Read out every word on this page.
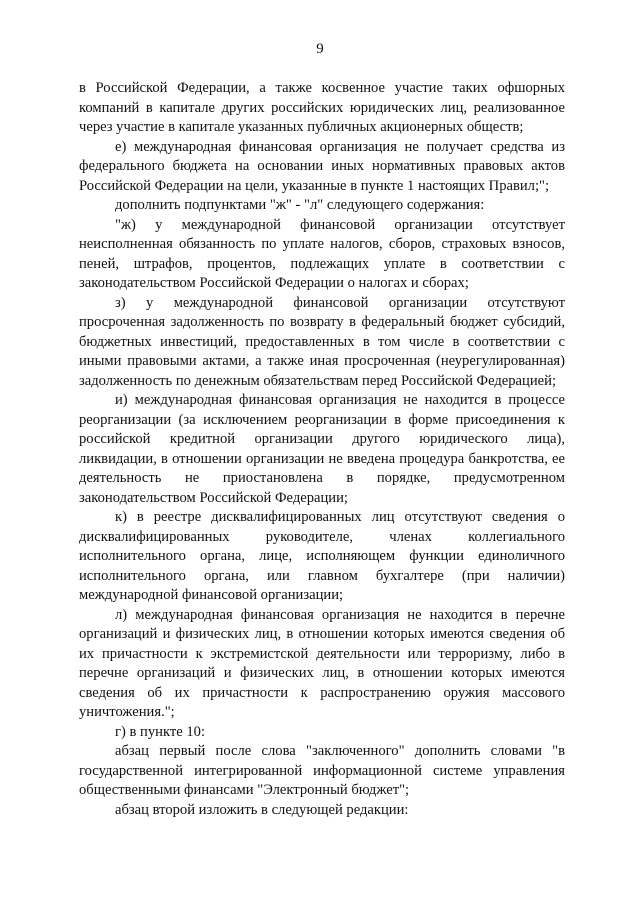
9

в Российской Федерации, а также косвенное участие таких офшорных компаний в капитале других российских юридических лиц, реализованное через участие в капитале указанных публичных акционерных обществ;

е) международная финансовая организация не получает средства из федерального бюджета на основании иных нормативных правовых актов Российской Федерации на цели, указанные в пункте 1 настоящих Правил;";

дополнить подпунктами "ж" - "л" следующего содержания:

"ж) у международной финансовой организации отсутствует неисполненная обязанность по уплате налогов, сборов, страховых взносов, пеней, штрафов, процентов, подлежащих уплате в соответствии с законодательством Российской Федерации о налогах и сборах;

з) у международной финансовой организации отсутствуют просроченная задолженность по возврату в федеральный бюджет субсидий, бюджетных инвестиций, предоставленных в том числе в соответствии с иными правовыми актами, а также иная просроченная (неурегулированная) задолженность по денежным обязательствам перед Российской Федерацией;

и) международная финансовая организация не находится в процессе реорганизации (за исключением реорганизации в форме присоединения к российской кредитной организации другого юридического лица), ликвидации, в отношении организации не введена процедура банкротства, ее деятельность не приостановлена в порядке, предусмотренном законодательством Российской Федерации;

к) в реестре дисквалифицированных лиц отсутствуют сведения о дисквалифицированных руководителе, членах коллегиального исполнительного органа, лице, исполняющем функции единоличного исполнительного органа, или главном бухгалтере (при наличии) международной финансовой организации;

л) международная финансовая организация не находится в перечне организаций и физических лиц, в отношении которых имеются сведения об их причастности к экстремистской деятельности или терроризму, либо в перечне организаций и физических лиц, в отношении которых имеются сведения об их причастности к распространению оружия массового уничтожения.";

г) в пункте 10:

абзац первый после слова "заключенного" дополнить словами "в государственной интегрированной информационной системе управления общественными финансами "Электронный бюджет";

абзац второй изложить в следующей редакции:
